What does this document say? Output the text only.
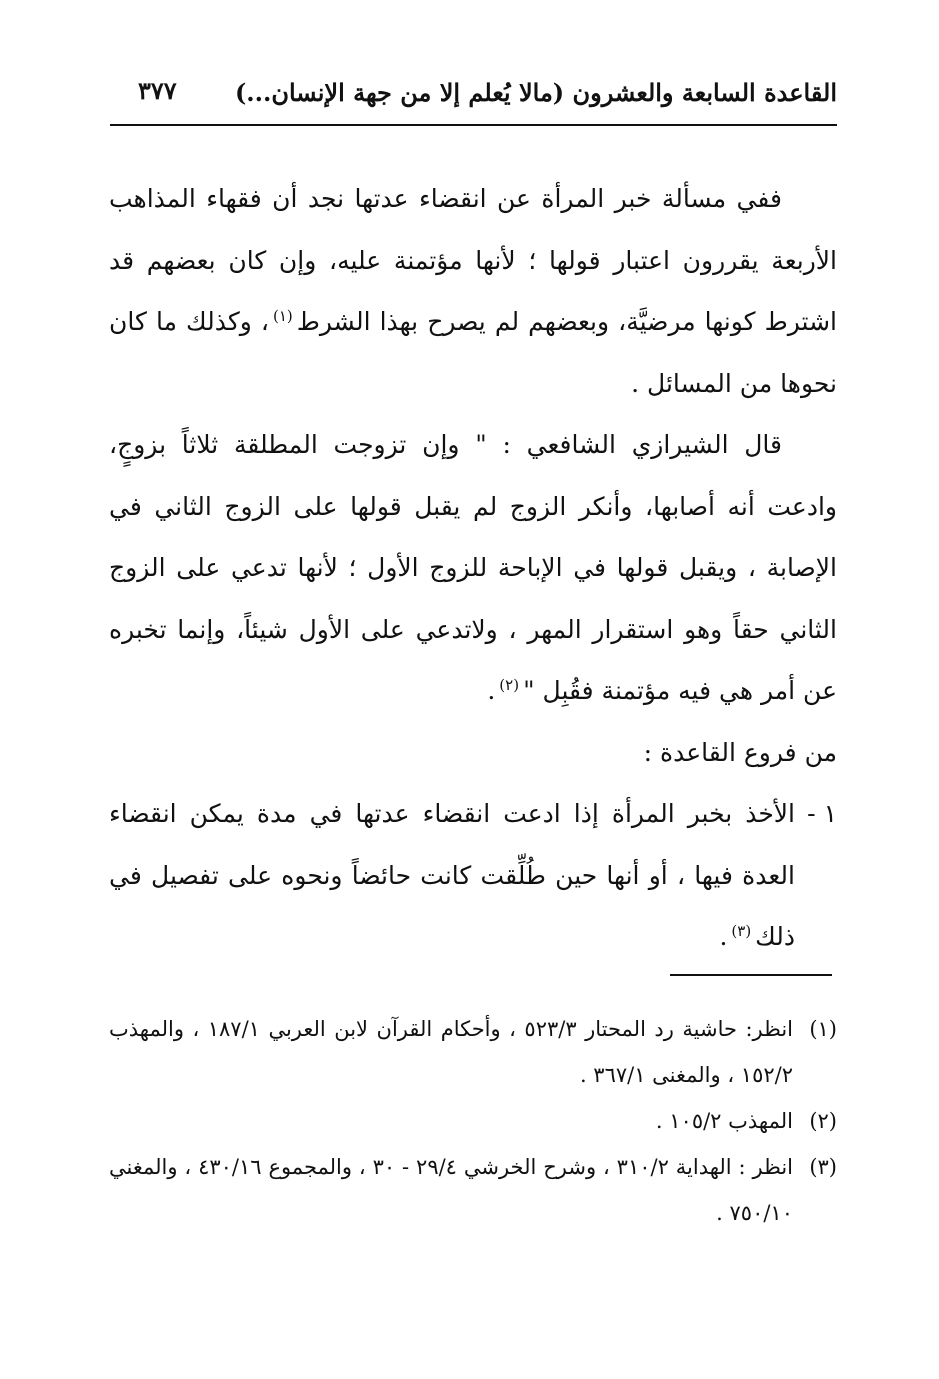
القاعدة السابعة والعشرون (مالا يُعلم إلا من جهة الإنسان...)
٣٧٧

ففي مسألة خبر المرأة عن انقضاء عدتها نجد أن فقهاء المذاهب الأربعة يقررون اعتبار قولها ؛ لأنها مؤتمنة عليه، وإن كان بعضهم قد اشترط كونها مرضيَّة، وبعضهم لم يصرح بهذا الشرط$^{(١)}$، وكذلك ما كان نحوها من المسائل .

قال الشيرازي الشافعي : " وإن تزوجت المطلقة ثلاثاً بزوجٍ، وادعت أنه أصابها، وأنكر الزوج لم يقبل قولها على الزوج الثاني في الإصابة ، ويقبل قولها في الإباحة للزوج الأول ؛ لأنها تدعي على الزوج الثاني حقاً وهو استقرار المهر ، ولاتدعي على الأول شيئاً، وإنما تخبره عن أمر هي فيه مؤتمنة فقُبِل "$^{(٢)}$.

من فروع القاعدة :

١ -
الأخذ بخبر المرأة إذا ادعت انقضاء عدتها في مدة يمكن انقضاء العدة فيها ، أو أنها حين طُلِّقت كانت حائضاً ونحوه على تفصيل في ذلك$^{(٣)}$.

(١)
انظر: حاشية رد المحتار ٥٢٣/٣ ، وأحكام القرآن لابن العربي ١٨٧/١ ، والمهذب ١٥٢/٢ ، والمغنى ٣٦٧/١ .

(٢)
المهذب ١٠٥/٢ .

(٣)
انظر : الهداية ٣١٠/٢ ، وشرح الخرشي ٢٩/٤ - ٣٠ ، والمجموع ٤٣٠/١٦ ، والمغني ٧٥٠/١٠ .
